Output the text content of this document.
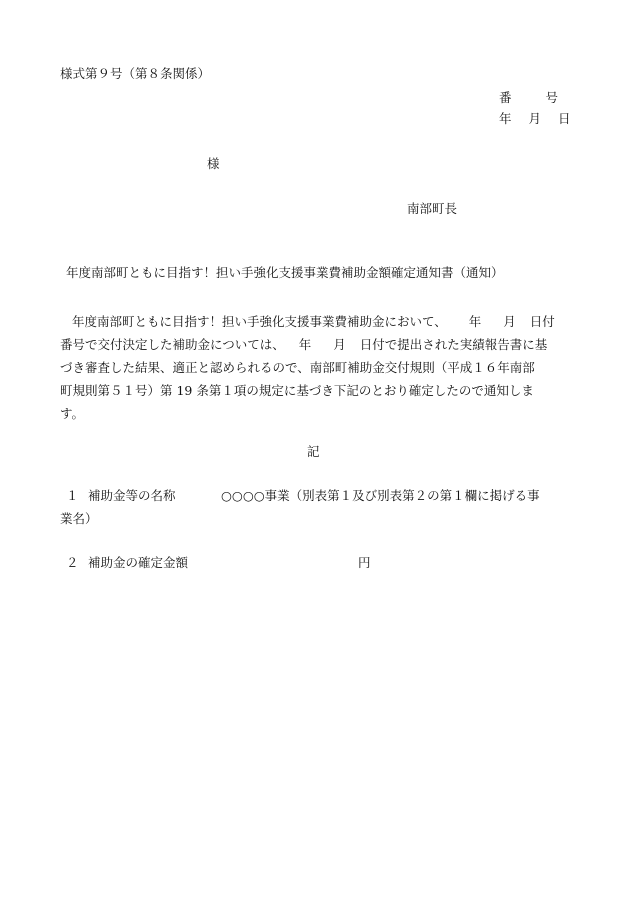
様式第９号（第８条関係）
番	号
年 月 日
様
南部町長
年度南部町ともに目指す！担い手強化支援事業費補助金額確定通知書（通知）
年度南部町ともに目指す！担い手強化支援事業費補助金において、 年 月 日付
番号で交付決定した補助金については、 年 月 日付で提出された実績報告書に基
づき審査した結果、適正と認められるので、南部町補助金交付規則（平成１６年南部
町規則第５１号）第 19 条第１項の規定に基づき下記のとおり確定したので通知しま
す。
記
１ 補助金等の名称	○○○○事業（別表第１及び別表第２の第１欄に掲げる事
業名）
２ 補助金の確定金額	円
